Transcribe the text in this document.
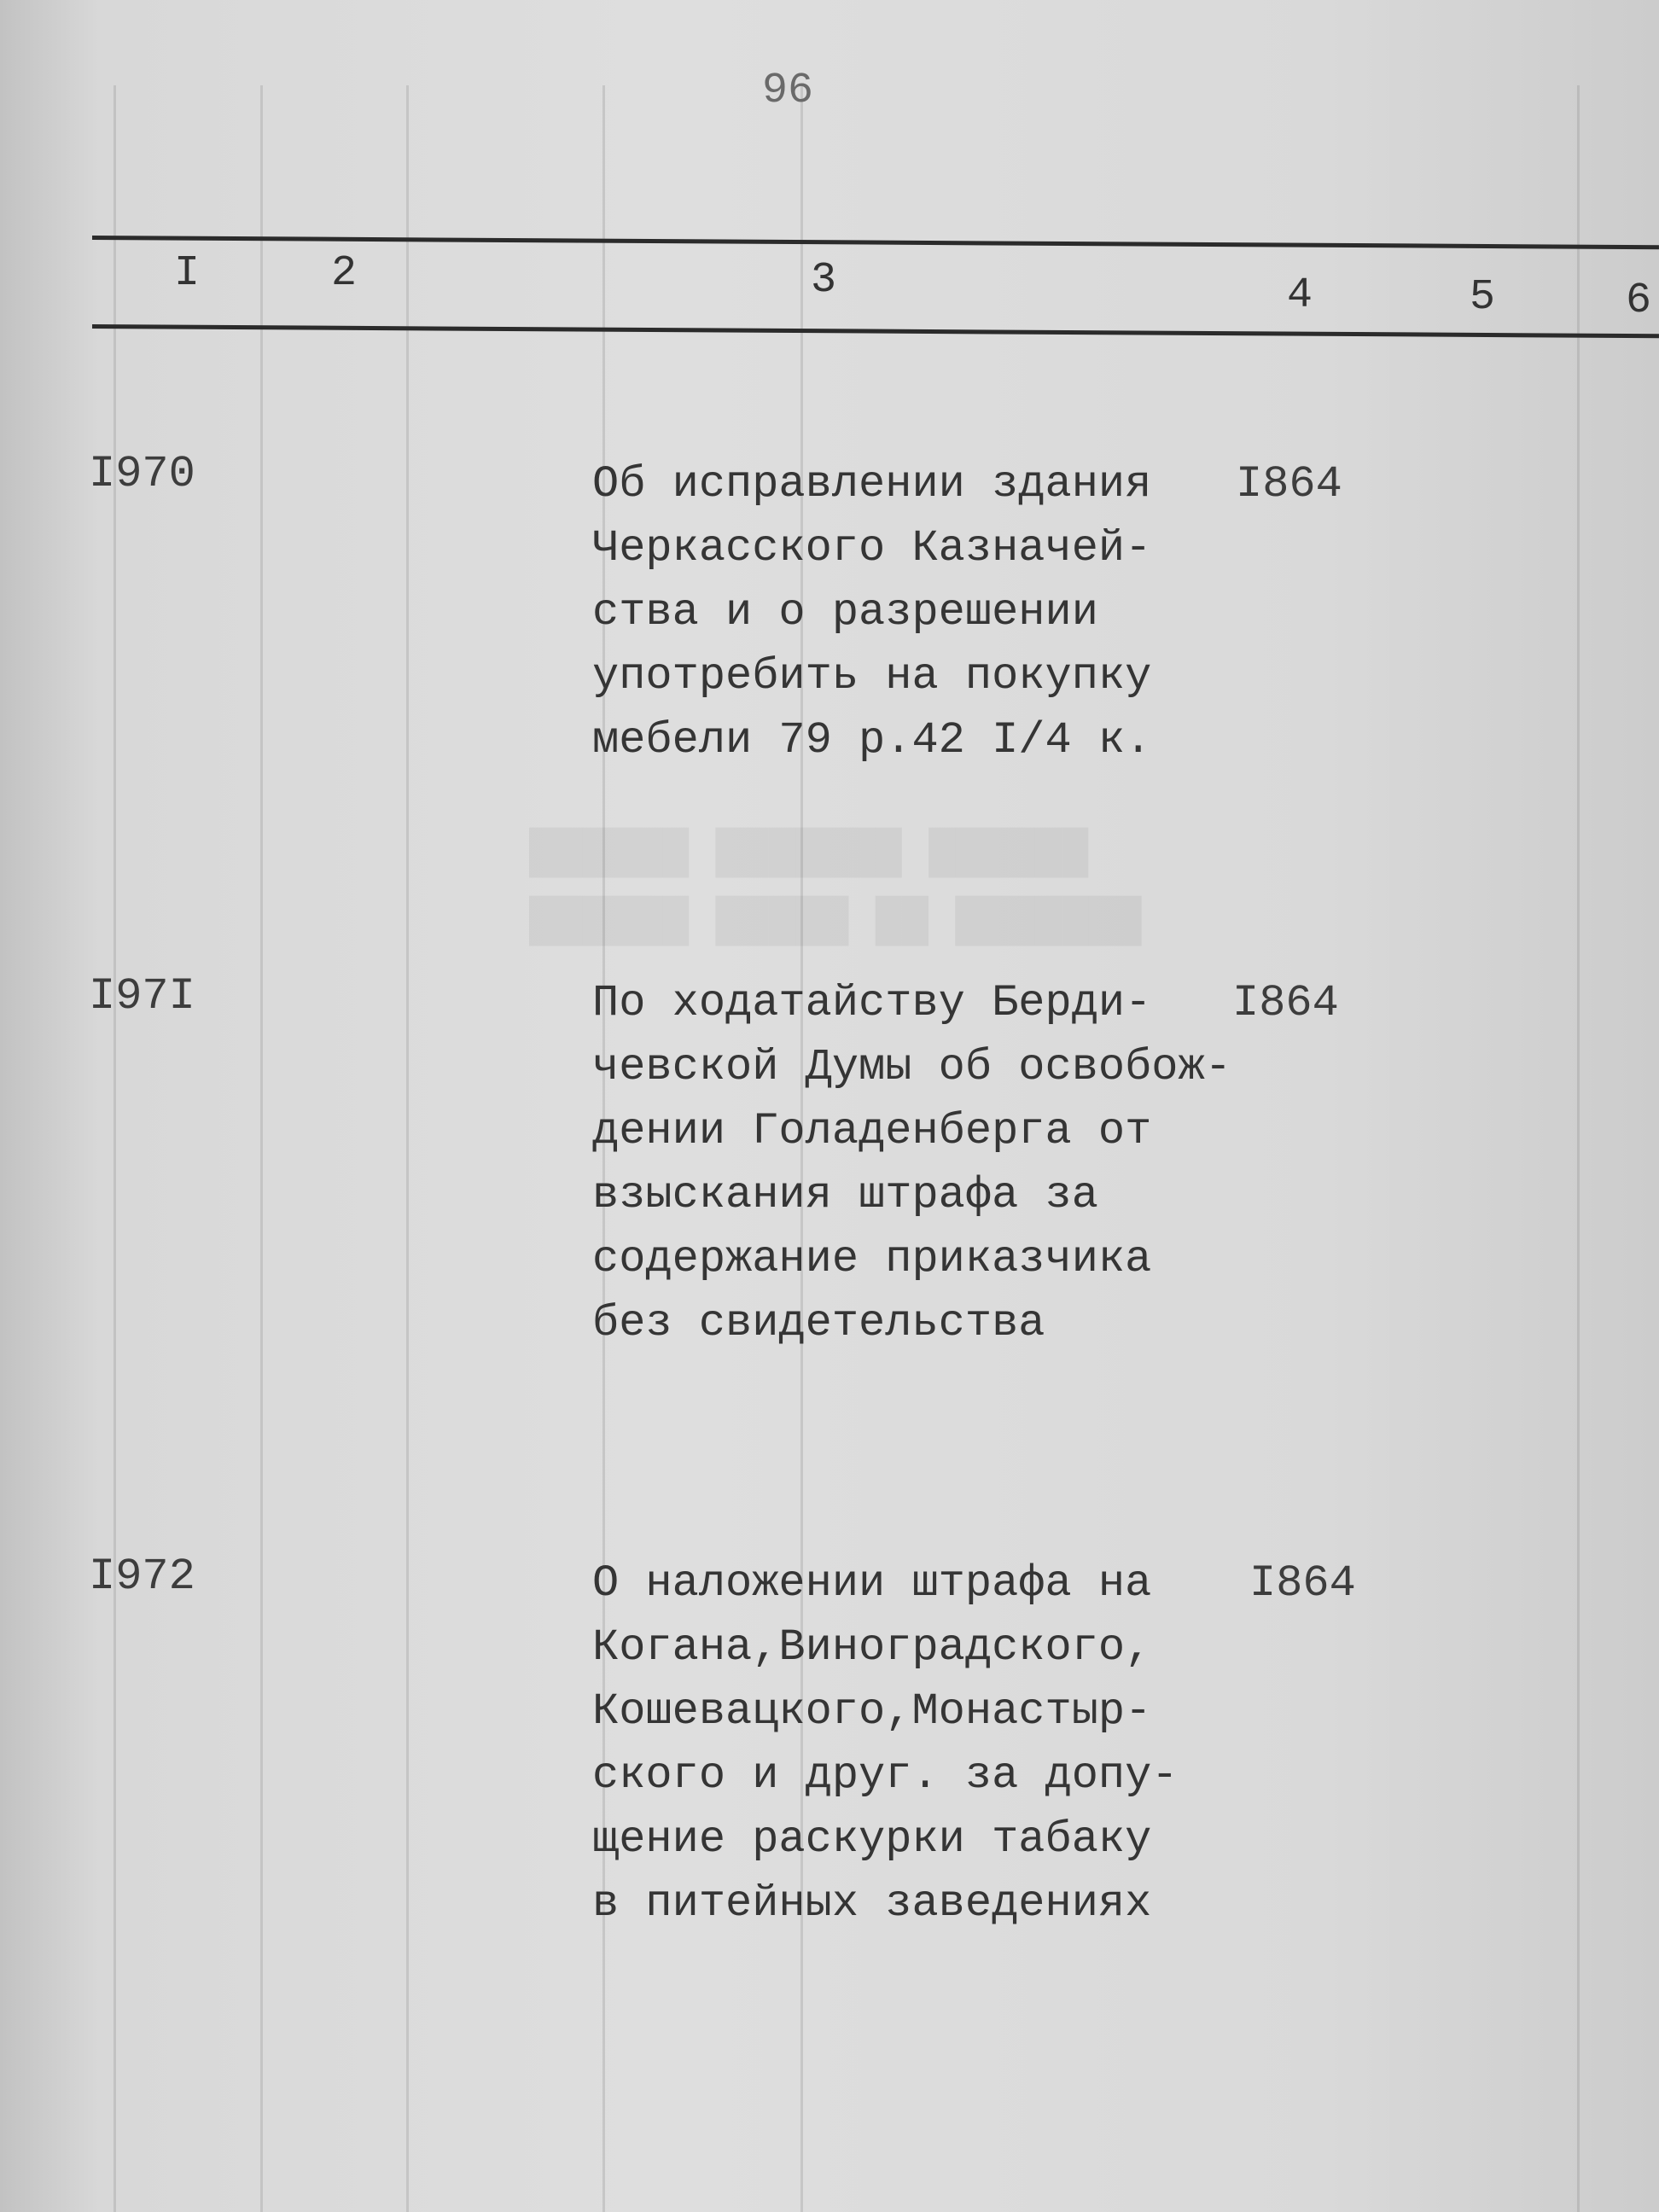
██████ ███████ ██████
██████ █████ ██ ███████
96
I	2	3	4	5	6
I970	Об исправлении здания
Черкасского Казначей-
ства и о разрешении
употребить на покупку
мебели 79 р.42 I/4 к.
I864
I97I	По ходатайству Берди-
чевской Думы об освобож-
дении Голаденберга от
взыскания штрафа за
содержание приказчика
без свидетельства
I864
I972	О наложении штрафа на
Когана,Виноградского,
Кошевацкого,Монастыр-
ского и друг. за допу-
щение раскурки табаку
в питейных заведениях
I864
